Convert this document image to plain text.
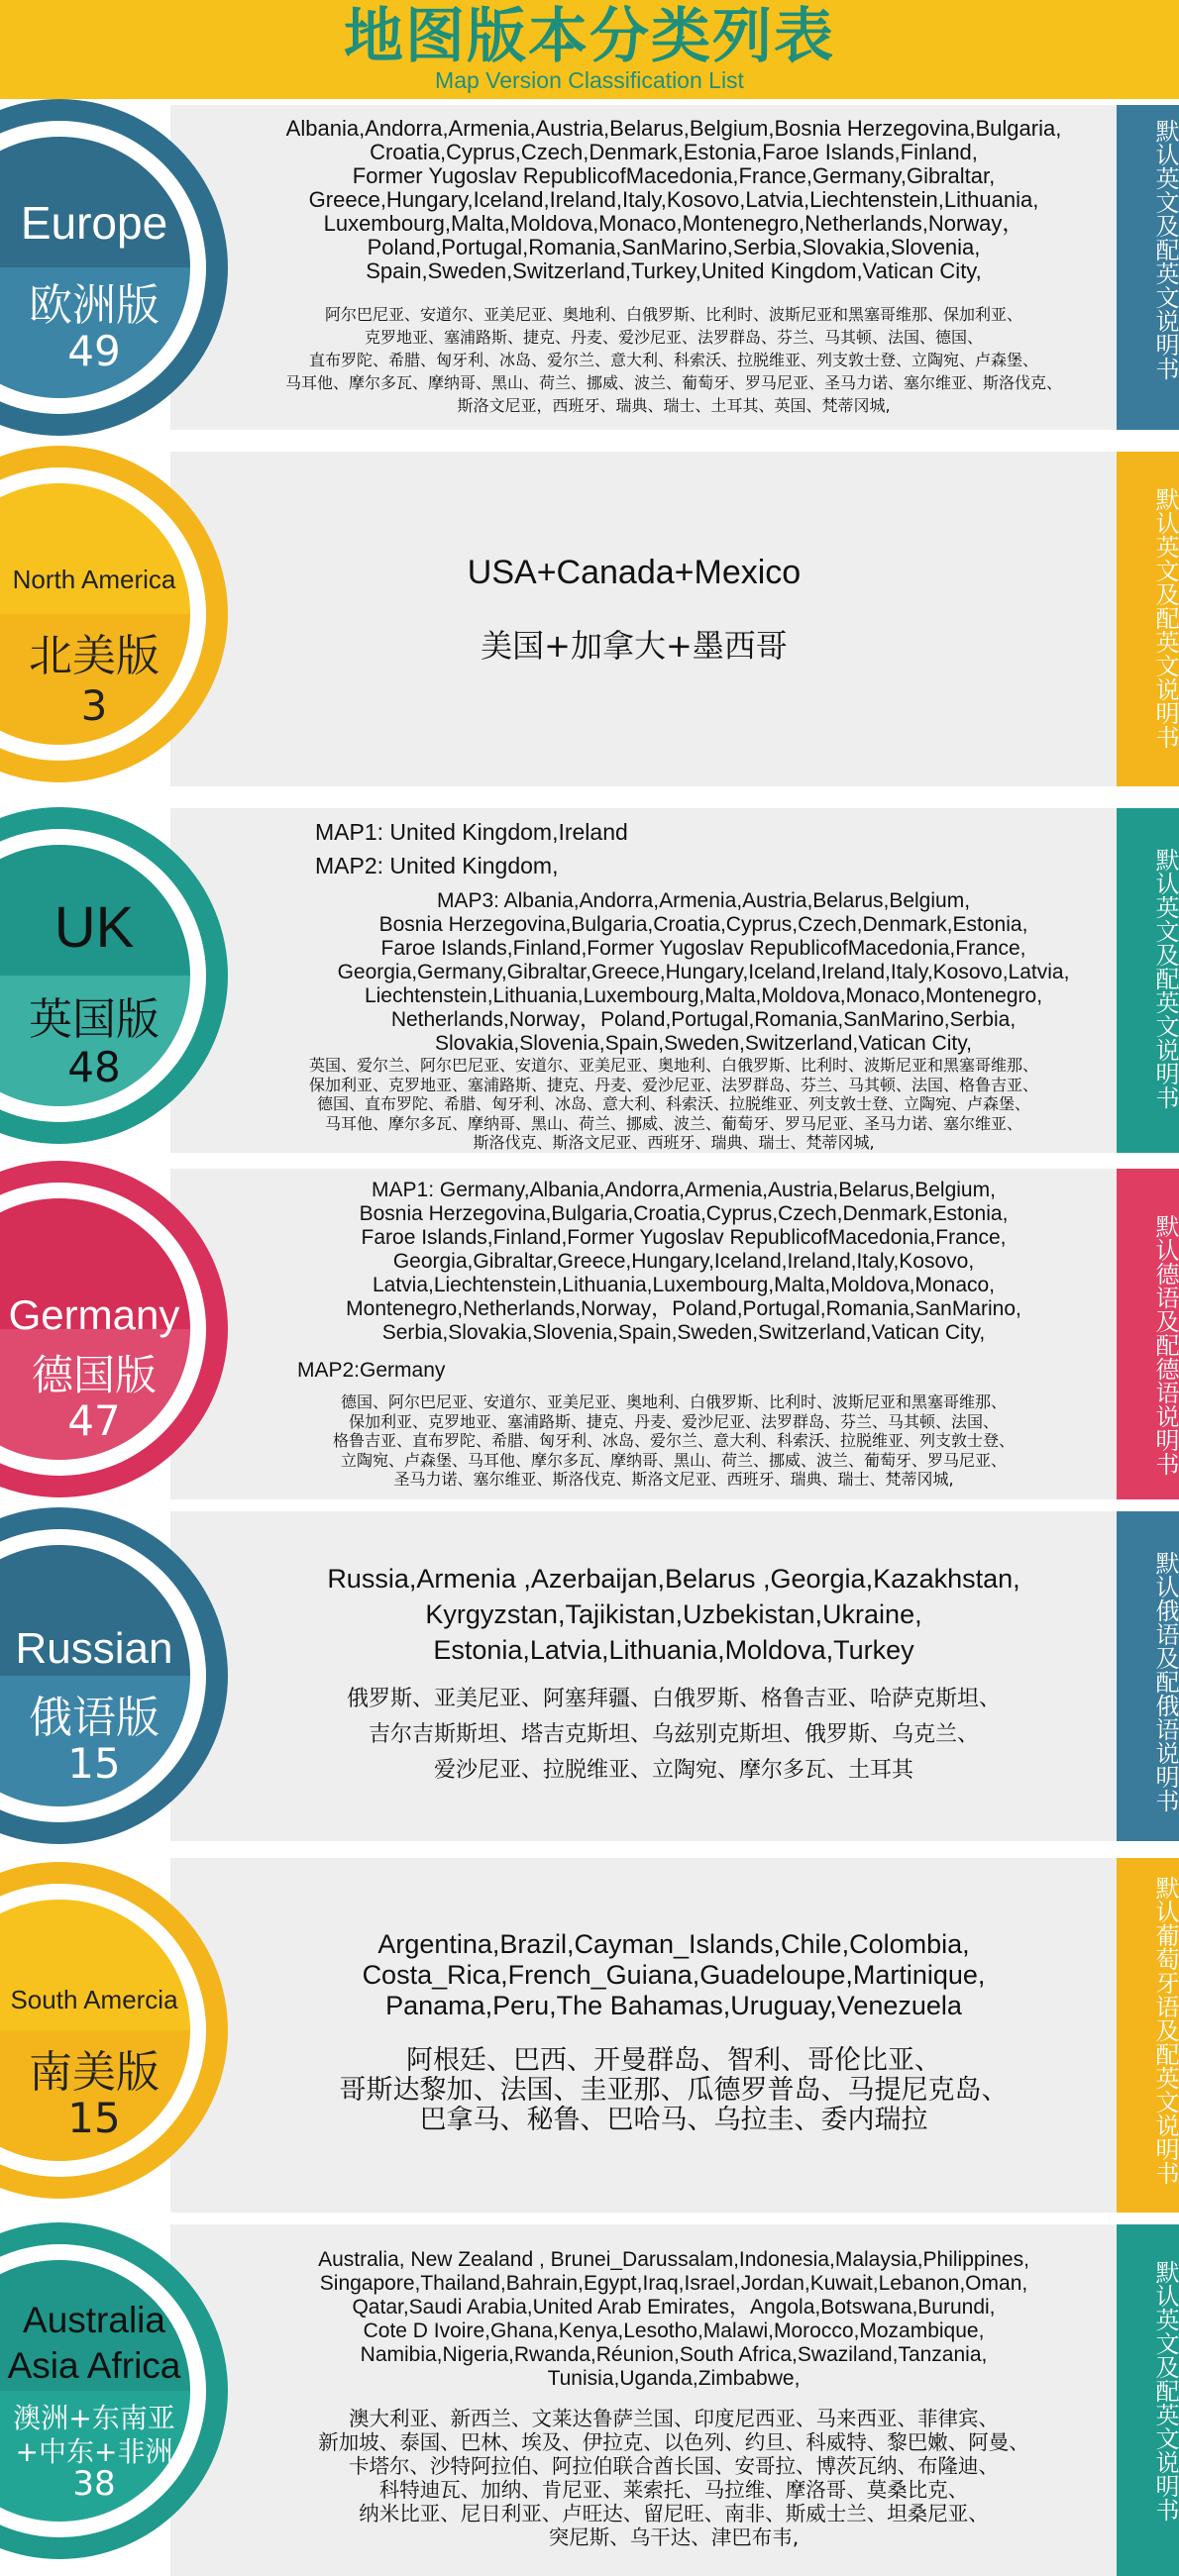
地图版本分类列表
Map Version Classification List
Europe
欧洲版
49	默认英文及配英文说明书
Albania,Andorra,Armenia,Austria,Belarus,Belgium,Bosnia Herzegovina,Bulgaria,
Croatia,Cyprus,Czech,Denmark,Estonia,Faroe Islands,Finland,
Former Yugoslav RepublicofMacedonia,France,Germany,Gibraltar,
Greece,Hungary,Iceland,Ireland,Italy,Kosovo,Latvia,Liechtenstein,Lithuania,
Luxembourg,Malta,Moldova,Monaco,Montenegro,Netherlands,Norway，
Poland,Portugal,Romania,SanMarino,Serbia,Slovakia,Slovenia,
Spain,Sweden,Switzerland,Turkey,United Kingdom,Vatican City,
阿尔巴尼亚、安道尔、亚美尼亚、奥地利、白俄罗斯、比利时、波斯尼亚和黑塞哥维那、保加利亚、
克罗地亚、塞浦路斯、捷克、丹麦、爱沙尼亚、法罗群岛、芬兰、马其顿、法国、德国、
直布罗陀、希腊、匈牙利、冰岛、爱尔兰、意大利、科索沃、拉脱维亚、列支敦士登、立陶宛、卢森堡、
马耳他、摩尔多瓦、摩纳哥、黑山、荷兰、挪威、波兰、葡萄牙、罗马尼亚、圣马力诺、塞尔维亚、斯洛伐克、
斯洛文尼亚，西班牙、瑞典、瑞士、土耳其、英国、梵蒂冈城,
North America
北美版
3	默认英文及配英文说明书
USA+Canada+Mexico
美国+加拿大+墨西哥
UK
英国版
48	默认英文及配英文说明书
MAP1: United Kingdom,Ireland
MAP2: United Kingdom,
MAP3: Albania,Andorra,Armenia,Austria,Belarus,Belgium,
Bosnia Herzegovina,Bulgaria,Croatia,Cyprus,Czech,Denmark,Estonia,
Faroe Islands,Finland,Former Yugoslav RepublicofMacedonia,France,
Georgia,Germany,Gibraltar,Greece,Hungary,Iceland,Ireland,Italy,Kosovo,Latvia,
Liechtenstein,Lithuania,Luxembourg,Malta,Moldova,Monaco,Montenegro,
Netherlands,Norway，Poland,Portugal,Romania,SanMarino,Serbia,
Slovakia,Slovenia,Spain,Sweden,Switzerland,Vatican City,
英国、爱尔兰、阿尔巴尼亚、安道尔、亚美尼亚、奥地利、白俄罗斯、比利时、波斯尼亚和黑塞哥维那、
保加利亚、克罗地亚、塞浦路斯、捷克、丹麦、爱沙尼亚、法罗群岛、芬兰、马其顿、法国、格鲁吉亚、
德国、直布罗陀、希腊、匈牙利、冰岛、意大利、科索沃、拉脱维亚、列支敦士登、立陶宛、卢森堡、
马耳他、摩尔多瓦、摩纳哥、黑山、荷兰、挪威、波兰、葡萄牙、罗马尼亚、圣马力诺、塞尔维亚、
斯洛伐克、斯洛文尼亚、西班牙、瑞典、瑞士、梵蒂冈城,
Germany
德国版
47	默认德语及配德语说明书
MAP1: Germany,Albania,Andorra,Armenia,Austria,Belarus,Belgium,
Bosnia Herzegovina,Bulgaria,Croatia,Cyprus,Czech,Denmark,Estonia,
Faroe Islands,Finland,Former Yugoslav RepublicofMacedonia,France,
Georgia,Gibraltar,Greece,Hungary,Iceland,Ireland,Italy,Kosovo,
Latvia,Liechtenstein,Lithuania,Luxembourg,Malta,Moldova,Monaco,
Montenegro,Netherlands,Norway，Poland,Portugal,Romania,SanMarino,
Serbia,Slovakia,Slovenia,Spain,Sweden,Switzerland,Vatican City,
MAP2:Germany
德国、阿尔巴尼亚、安道尔、亚美尼亚、奥地利、白俄罗斯、比利时、波斯尼亚和黑塞哥维那、
保加利亚、克罗地亚、塞浦路斯、捷克、丹麦、爱沙尼亚、法罗群岛、芬兰、马其顿、法国、
格鲁吉亚、直布罗陀、希腊、匈牙利、冰岛、爱尔兰、意大利、科索沃、拉脱维亚、列支敦士登、
立陶宛、卢森堡、马耳他、摩尔多瓦、摩纳哥、黑山、荷兰、挪威、波兰、葡萄牙、罗马尼亚、
圣马力诺、塞尔维亚、斯洛伐克、斯洛文尼亚、西班牙、瑞典、瑞士、梵蒂冈城,
Russian
俄语版
15	默认俄语及配俄语说明书
Russia,Armenia ,Azerbaijan,Belarus ,Georgia,Kazakhstan,
Kyrgyzstan,Tajikistan,Uzbekistan,Ukraine,
Estonia,Latvia,Lithuania,Moldova,Turkey
俄罗斯、亚美尼亚、阿塞拜疆、白俄罗斯、格鲁吉亚、哈萨克斯坦、
吉尔吉斯斯坦、塔吉克斯坦、乌兹别克斯坦、俄罗斯、乌克兰、
爱沙尼亚、拉脱维亚、立陶宛、摩尔多瓦、土耳其
South Amercia
南美版
15	默认葡萄牙语及配英文说明书
Argentina,Brazil,Cayman_Islands,Chile,Colombia,
Costa_Rica,French_Guiana,Guadeloupe,Martinique,
Panama,Peru,The Bahamas,Uruguay,Venezuela
阿根廷、巴西、开曼群岛、智利、哥伦比亚、
哥斯达黎加、法国、圭亚那、瓜德罗普岛、马提尼克岛、
巴拿马、秘鲁、巴哈马、乌拉圭、委内瑞拉
Australia
Asia Africa
澳洲+东南亚
+中东+非洲
38	默认英文及配英文说明书
Australia, New Zealand , Brunei_Darussalam,Indonesia,Malaysia,Philippines,
Singapore,Thailand,Bahrain,Egypt,Iraq,Israel,Jordan,Kuwait,Lebanon,Oman,
Qatar,Saudi Arabia,United Arab Emirates，Angola,Botswana,Burundi,
Cote D Ivoire,Ghana,Kenya,Lesotho,Malawi,Morocco,Mozambique,
Namibia,Nigeria,Rwanda,Réunion,South Africa,Swaziland,Tanzania,
Tunisia,Uganda,Zimbabwe,
澳大利亚、新西兰、文莱达鲁萨兰国、印度尼西亚、马来西亚、菲律宾、
新加坡、泰国、巴林、埃及、伊拉克、以色列、约旦、科威特、黎巴嫩、阿曼、
卡塔尔、沙特阿拉伯、阿拉伯联合酋长国、安哥拉、博茨瓦纳、布隆迪、
科特迪瓦、加纳、肯尼亚、莱索托、马拉维、摩洛哥、莫桑比克、
纳米比亚、尼日利亚、卢旺达、留尼旺、南非、斯威士兰、坦桑尼亚、
突尼斯、乌干达、津巴布韦,
